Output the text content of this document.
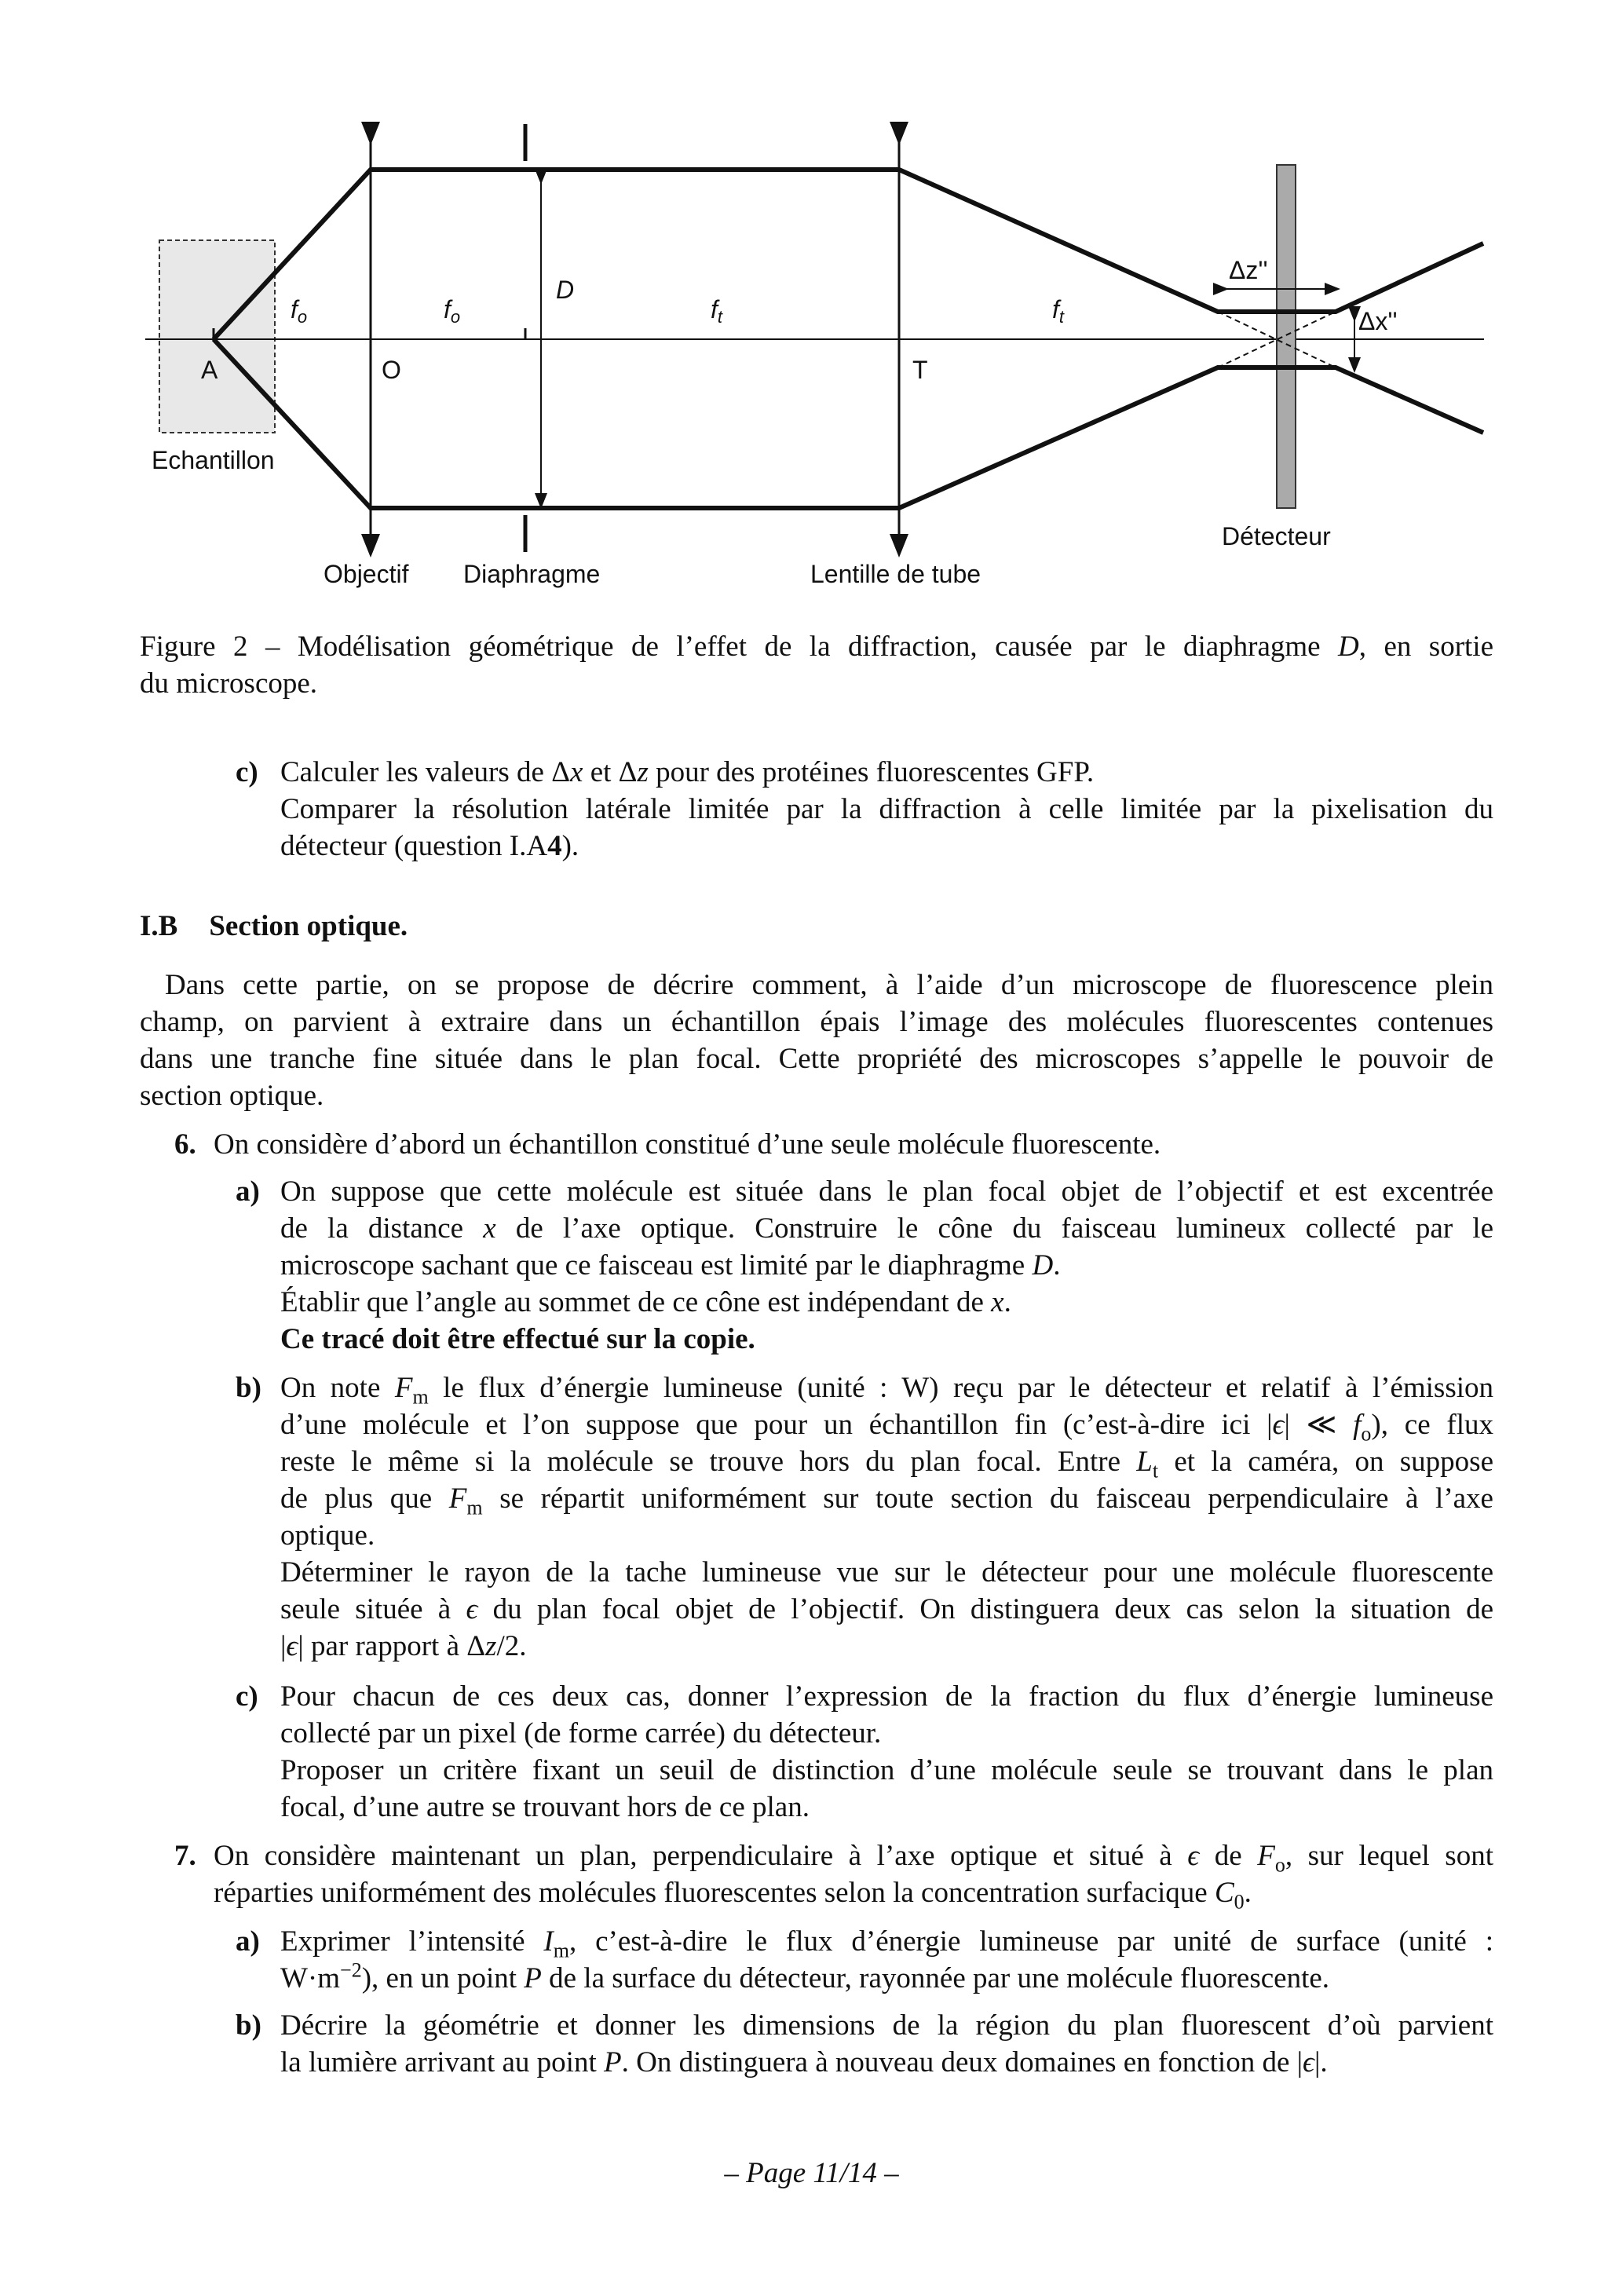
A	O	T
fo	fo
D
ft	ft
Δz''
Δx''
Echantillon
Objectif Diaphragme	Lentille de tube
Détecteur
Figure 2 – Modélisation géométrique de l’effet de la diffraction, causée par le diaphragme D, en sortie
du microscope.
c) Calculer les valeurs de Δx et Δz pour des protéines fluorescentes GFP.
Comparer la résolution latérale limitée par la diffraction à celle limitée par la pixelisation du
détecteur (question I.A4).
I.B Section optique.
Dans cette partie, on se propose de décrire comment, à l’aide d’un microscope de fluorescence plein
champ, on parvient à extraire dans un échantillon épais l’image des molécules fluorescentes contenues
dans une tranche fine située dans le plan focal. Cette propriété des microscopes s’appelle le pouvoir de
section optique.
6. On considère d’abord un échantillon constitué d’une seule molécule fluorescente.
a) On suppose que cette molécule est située dans le plan focal objet de l’objectif et est excentrée
de la distance x de l’axe optique. Construire le cône du faisceau lumineux collecté par le
microscope sachant que ce faisceau est limité par le diaphragme D.
Établir que l’angle au sommet de ce cône est indépendant de x.
Ce tracé doit être effectué sur la copie.
b) On note $F_m$ le flux d’énergie lumineuse (unité : W) reçu par le détecteur et relatif à l’émission
d’une molécule et l’on suppose que pour un échantillon fin (c’est-à-dire ici |ϵ| ≪ $f_o$), ce flux
reste le même si la molécule se trouve hors du plan focal. Entre $L_t$ et la caméra, on suppose
de plus que $F_m$ se répartit uniformément sur toute section du faisceau perpendiculaire à l’axe
optique.
Déterminer le rayon de la tache lumineuse vue sur le détecteur pour une molécule fluorescente
seule située à ϵ du plan focal objet de l’objectif. On distinguera deux cas selon la situation de
|ϵ| par rapport à Δz/2.
c) Pour chacun de ces deux cas, donner l’expression de la fraction du flux d’énergie lumineuse
collecté par un pixel (de forme carrée) du détecteur.
Proposer un critère fixant un seuil de distinction d’une molécule seule se trouvant dans le plan
focal, d’une autre se trouvant hors de ce plan.
7. On considère maintenant un plan, perpendiculaire à l’axe optique et situé à ϵ de $F_o$, sur lequel sont
réparties uniformément des molécules fluorescentes selon la concentration surfacique $C_0$.
a) Exprimer l’intensité $I_m$, c’est-à-dire le flux d’énergie lumineuse par unité de surface (unité :
$W\cdot m^{-2}$), en un point P de la surface du détecteur, rayonnée par une molécule fluorescente.
b) Décrire la géométrie et donner les dimensions de la région du plan fluorescent d’où parvient
la lumière arrivant au point P. On distinguera à nouveau deux domaines en fonction de |ϵ|.
– Page 11/14 –
